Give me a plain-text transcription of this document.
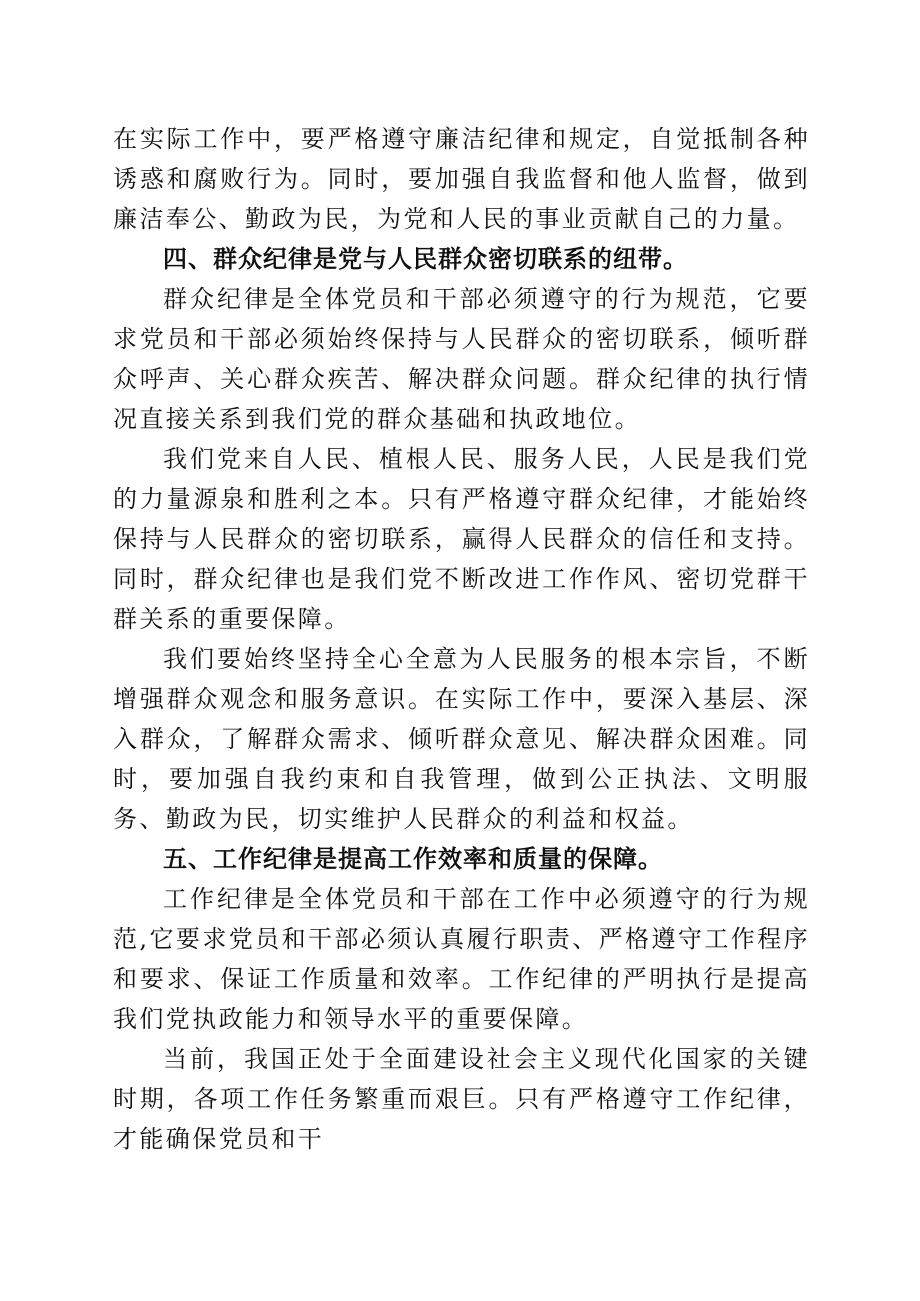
在实际工作中，要严格遵守廉洁纪律和规定，自觉抵制各种诱惑和腐败行为。同时，要加强自我监督和他人监督，做到廉洁奉公、勤政为民，为党和人民的事业贡献自己的力量。

四、群众纪律是党与人民群众密切联系的纽带。

群众纪律是全体党员和干部必须遵守的行为规范，它要求党员和干部必须始终保持与人民群众的密切联系，倾听群众呼声、关心群众疾苦、解决群众问题。群众纪律的执行情况直接关系到我们党的群众基础和执政地位。

我们党来自人民、植根人民、服务人民，人民是我们党的力量源泉和胜利之本。只有严格遵守群众纪律，才能始终保持与人民群众的密切联系，赢得人民群众的信任和支持。同时，群众纪律也是我们党不断改进工作作风、密切党群干群关系的重要保障。

我们要始终坚持全心全意为人民服务的根本宗旨，不断增强群众观念和服务意识。在实际工作中，要深入基层、深入群众，了解群众需求、倾听群众意见、解决群众困难。同时，要加强自我约束和自我管理，做到公正执法、文明服务、勤政为民，切实维护人民群众的利益和权益。

五、工作纪律是提高工作效率和质量的保障。

工作纪律是全体党员和干部在工作中必须遵守的行为规范,它要求党员和干部必须认真履行职责、严格遵守工作程序和要求、保证工作质量和效率。工作纪律的严明执行是提高我们党执政能力和领导水平的重要保障。

当前，我国正处于全面建设社会主义现代化国家的关键时期，各项工作任务繁重而艰巨。只有严格遵守工作纪律，才能确保党员和干
